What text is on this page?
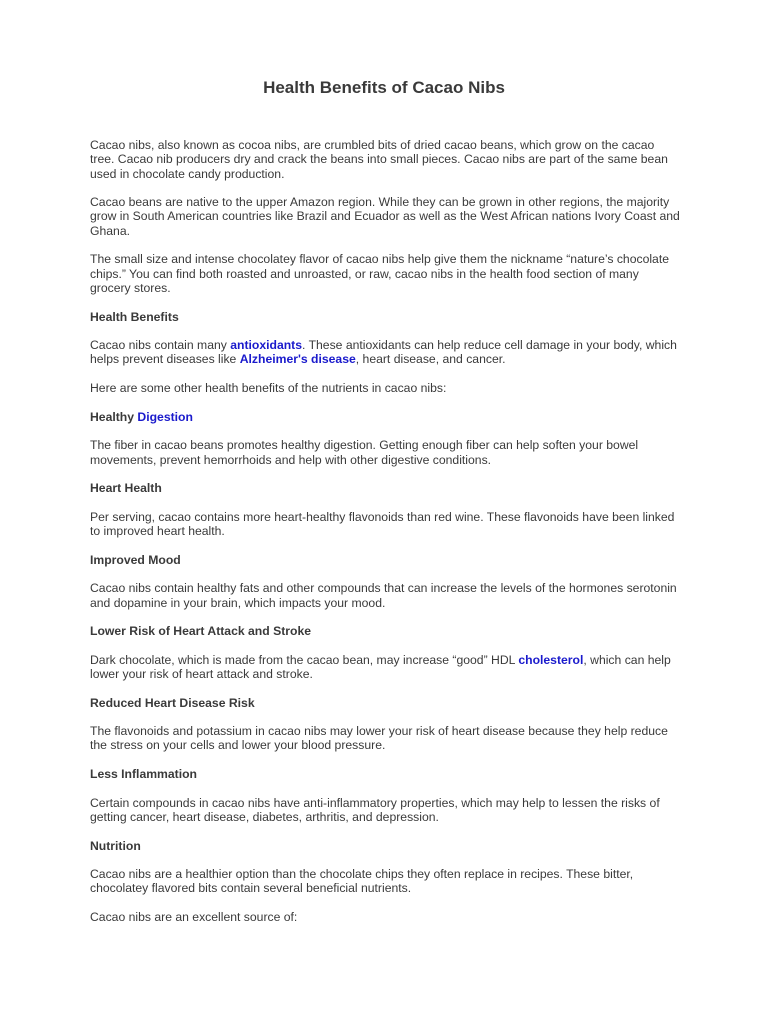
Health Benefits of Cacao Nibs

Cacao nibs, also known as cocoa nibs, are crumbled bits of dried cacao beans, which grow on the cacao tree. Cacao nib producers dry and crack the beans into small pieces. Cacao nibs are part of the same bean used in chocolate candy production.

Cacao beans are native to the upper Amazon region. While they can be grown in other regions, the majority grow in South American countries like Brazil and Ecuador as well as the West African nations Ivory Coast and Ghana.

The small size and intense chocolatey flavor of cacao nibs help give them the nickname “nature’s chocolate chips.” You can find both roasted and unroasted, or raw, cacao nibs in the health food section of many grocery stores.

Health Benefits

Cacao nibs contain many antioxidants. These antioxidants can help reduce cell damage in your body, which helps prevent diseases like Alzheimer's disease, heart disease, and cancer.

Here are some other health benefits of the nutrients in cacao nibs:

Healthy Digestion

The fiber in cacao beans promotes healthy digestion. Getting enough fiber can help soften your bowel movements, prevent hemorrhoids and help with other digestive conditions.

Heart Health

Per serving, cacao contains more heart-healthy flavonoids than red wine. These flavonoids have been linked to improved heart health.

Improved Mood

Cacao nibs contain healthy fats and other compounds that can increase the levels of the hormones serotonin and dopamine in your brain, which impacts your mood.

Lower Risk of Heart Attack and Stroke

Dark chocolate, which is made from the cacao bean, may increase “good” HDL cholesterol, which can help lower your risk of heart attack and stroke.

Reduced Heart Disease Risk

The flavonoids and potassium in cacao nibs may lower your risk of heart disease because they help reduce the stress on your cells and lower your blood pressure.

Less Inflammation

Certain compounds in cacao nibs have anti-inflammatory properties, which may help to lessen the risks of getting cancer, heart disease, diabetes, arthritis, and depression.

Nutrition

Cacao nibs are a healthier option than the chocolate chips they often replace in recipes. These bitter, chocolatey flavored bits contain several beneficial nutrients.

Cacao nibs are an excellent source of:
